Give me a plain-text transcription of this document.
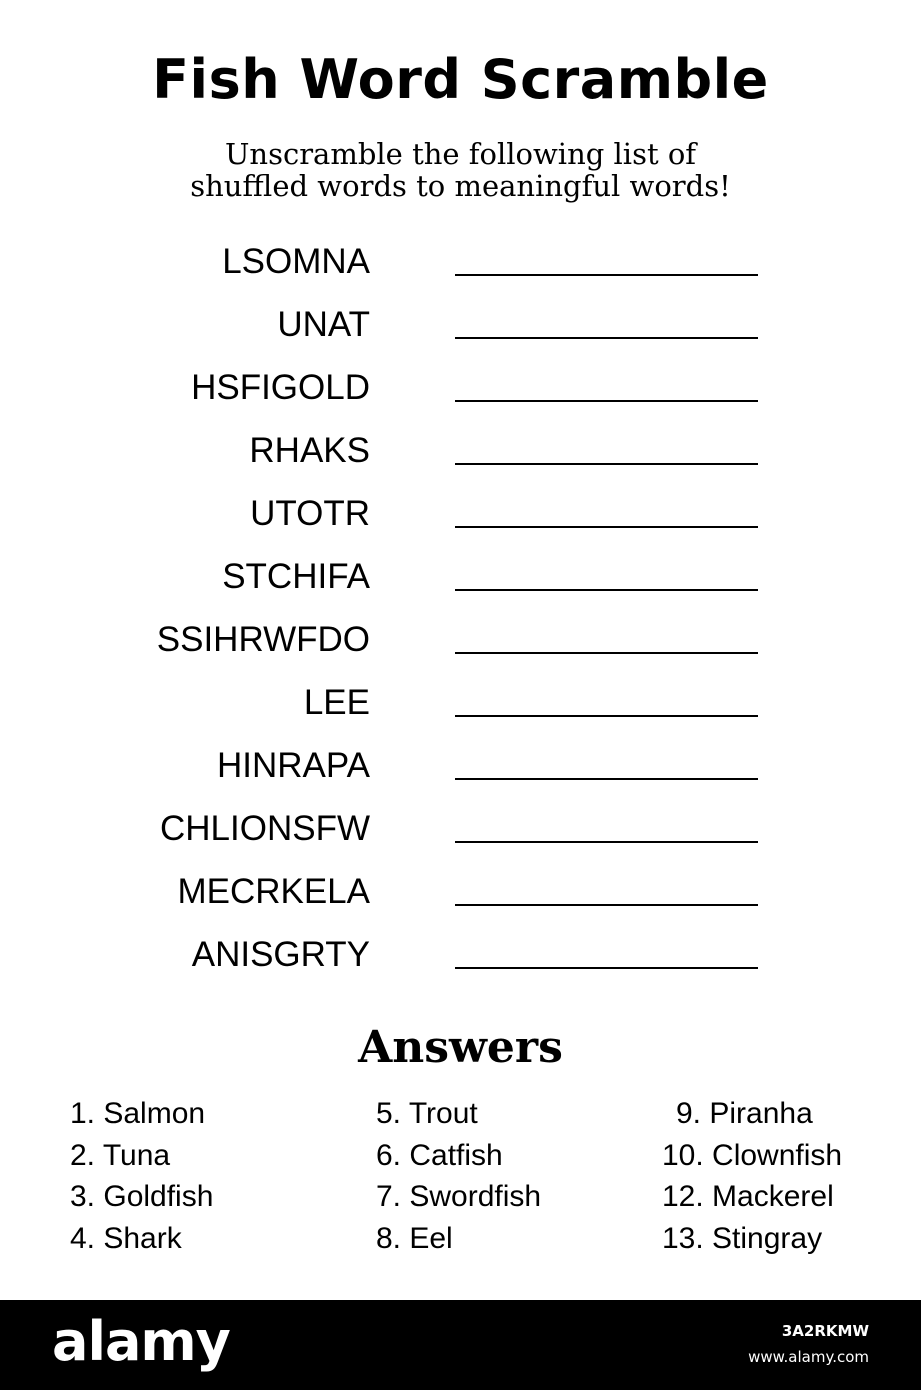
Fish Word Scramble
Unscramble the following list of
shuffled words to meaningful words!
LSOMNA
UNAT
HSFIGOLD
RHAKS
UTOTR
STCHIFA
SSIHRWFDO
LEE
HINRAPA
CHLIONSFW
MECRKELA
ANISGRTY
Answers
1. Salmon
2. Tuna
3. Goldfish
4. Shark
5. Trout
6. Catfish
7. Swordfish
8. Eel
9. Piranha
10. Clownfish
12. Mackerel
13. Stingray
alamy	3A2RKMW
www.alamy.com
